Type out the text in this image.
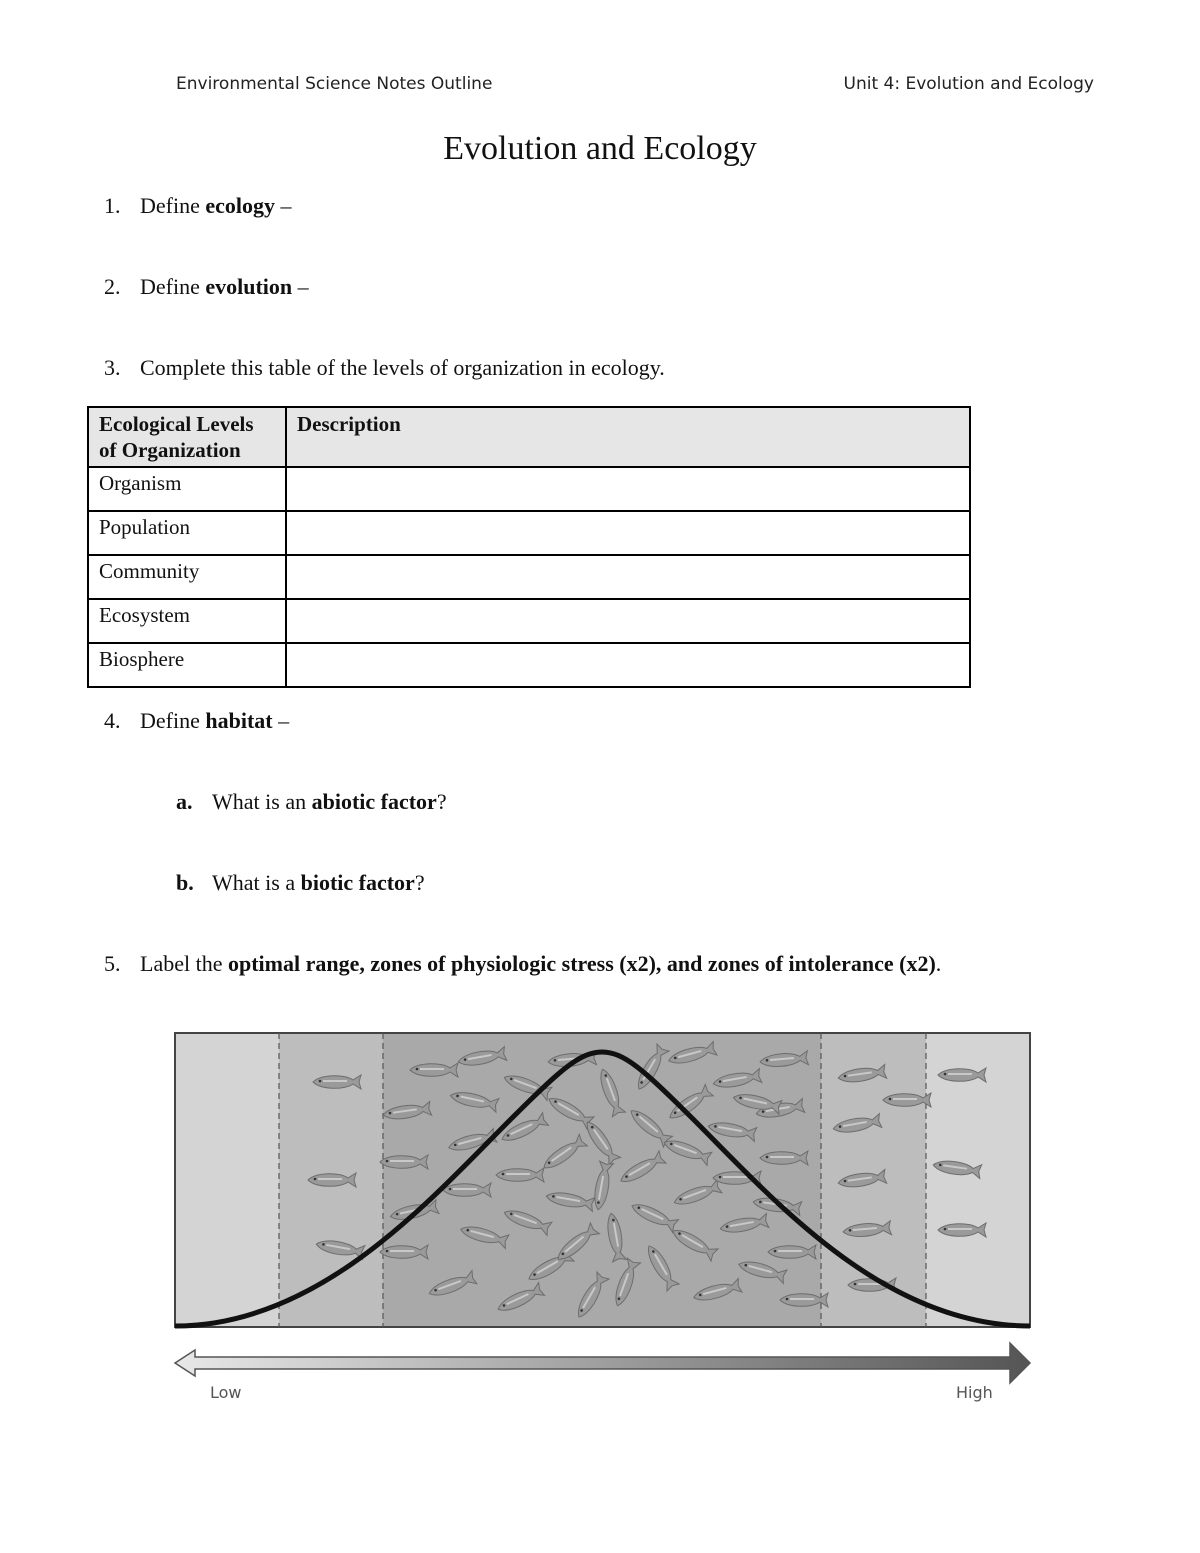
Environmental Science Notes Outline	Unit 4: Evolution and Ecology
Evolution and Ecology
1. Define ecology –
2. Define evolution –
3. Complete this table of the levels of organization in ecology.
Ecological Levels of Organization	Description
Organism	
Population	
Community	
Ecosystem	
Biosphere	
4. Define habitat –
a. What is an abiotic factor?
b. What is a biotic factor?
5. Label the optimal range, zones of physiologic stress (x2), and zones of intolerance (x2).
Low	High
